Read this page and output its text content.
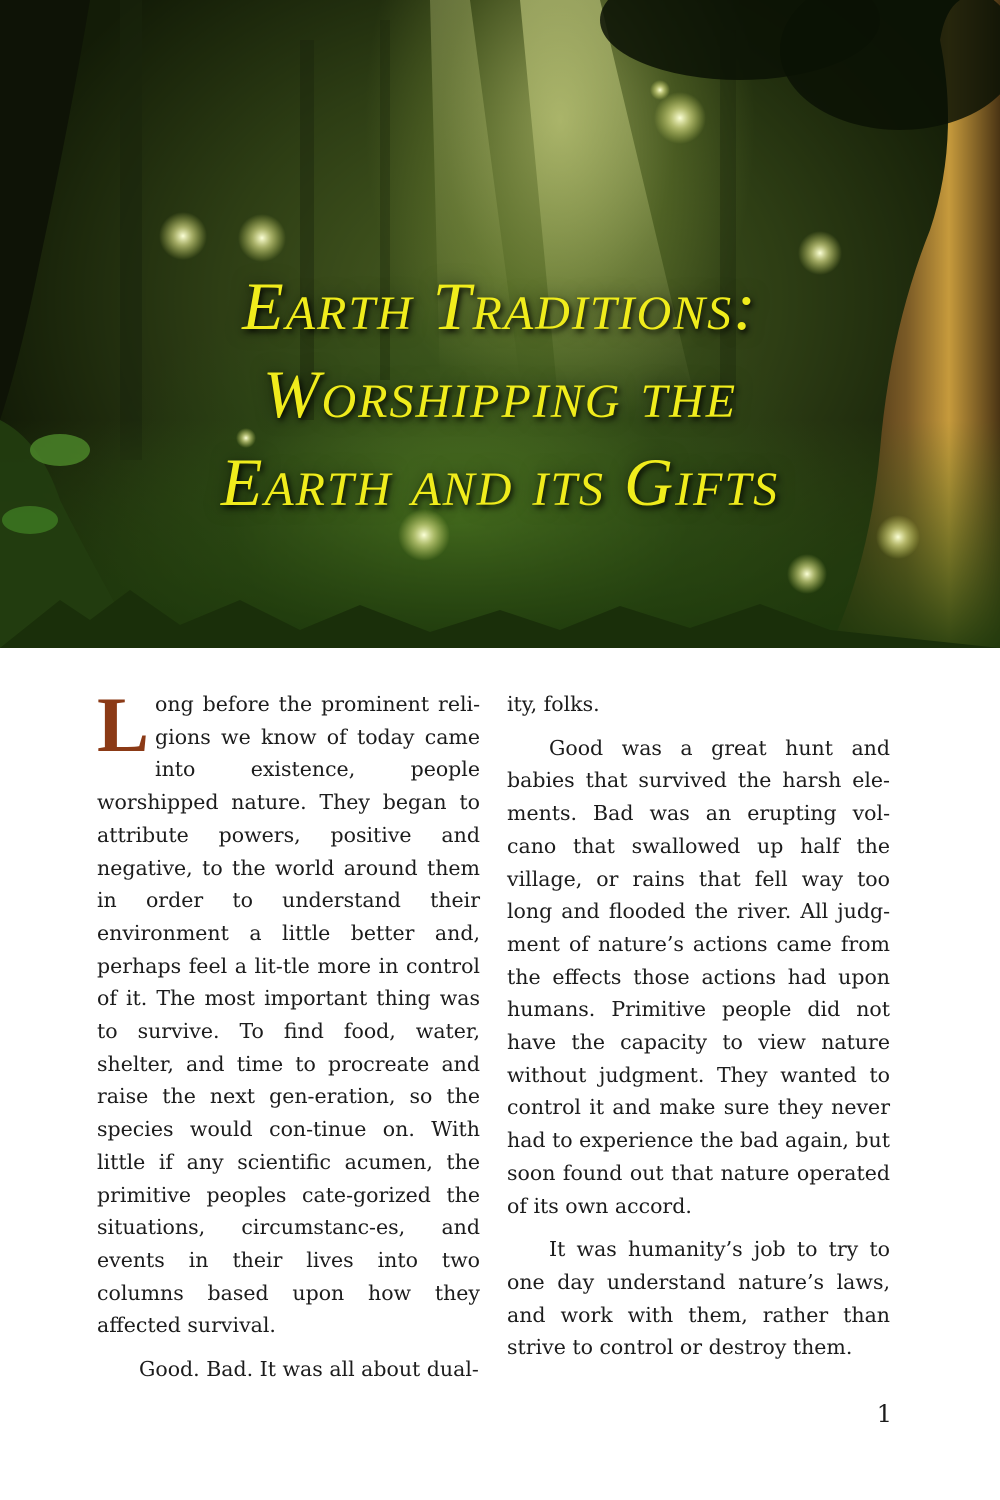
Earth Traditions:
Worshipping the
Earth and its Gifts

Long before the prominent reli-gions we know of today came into existence, people worshipped nature. They began to attribute powers, positive and negative, to the world around them in order to understand their environment a little better and, perhaps feel a lit-tle more in control of it. The most important thing was to survive. To find food, water, shelter, and time to procreate and raise the next gen-eration, so the species would con-tinue on. With little if any scientific acumen, the primitive peoples cate-gorized the situations, circumstanc-es, and events in their lives into two columns based upon how they affected survival.

Good. Bad. It was all about dual-

ity, folks.

Good was a great hunt and babies that survived the harsh ele-ments. Bad was an erupting vol-cano that swallowed up half the village, or rains that fell way too long and flooded the river. All judg-ment of nature’s actions came from the effects those actions had upon humans. Primitive people did not have the capacity to view nature without judgment. They wanted to control it and make sure they never had to experience the bad again, but soon found out that nature operated of its own accord.

It was humanity’s job to try to one day understand nature’s laws, and work with them, rather than strive to control or destroy them.

1
